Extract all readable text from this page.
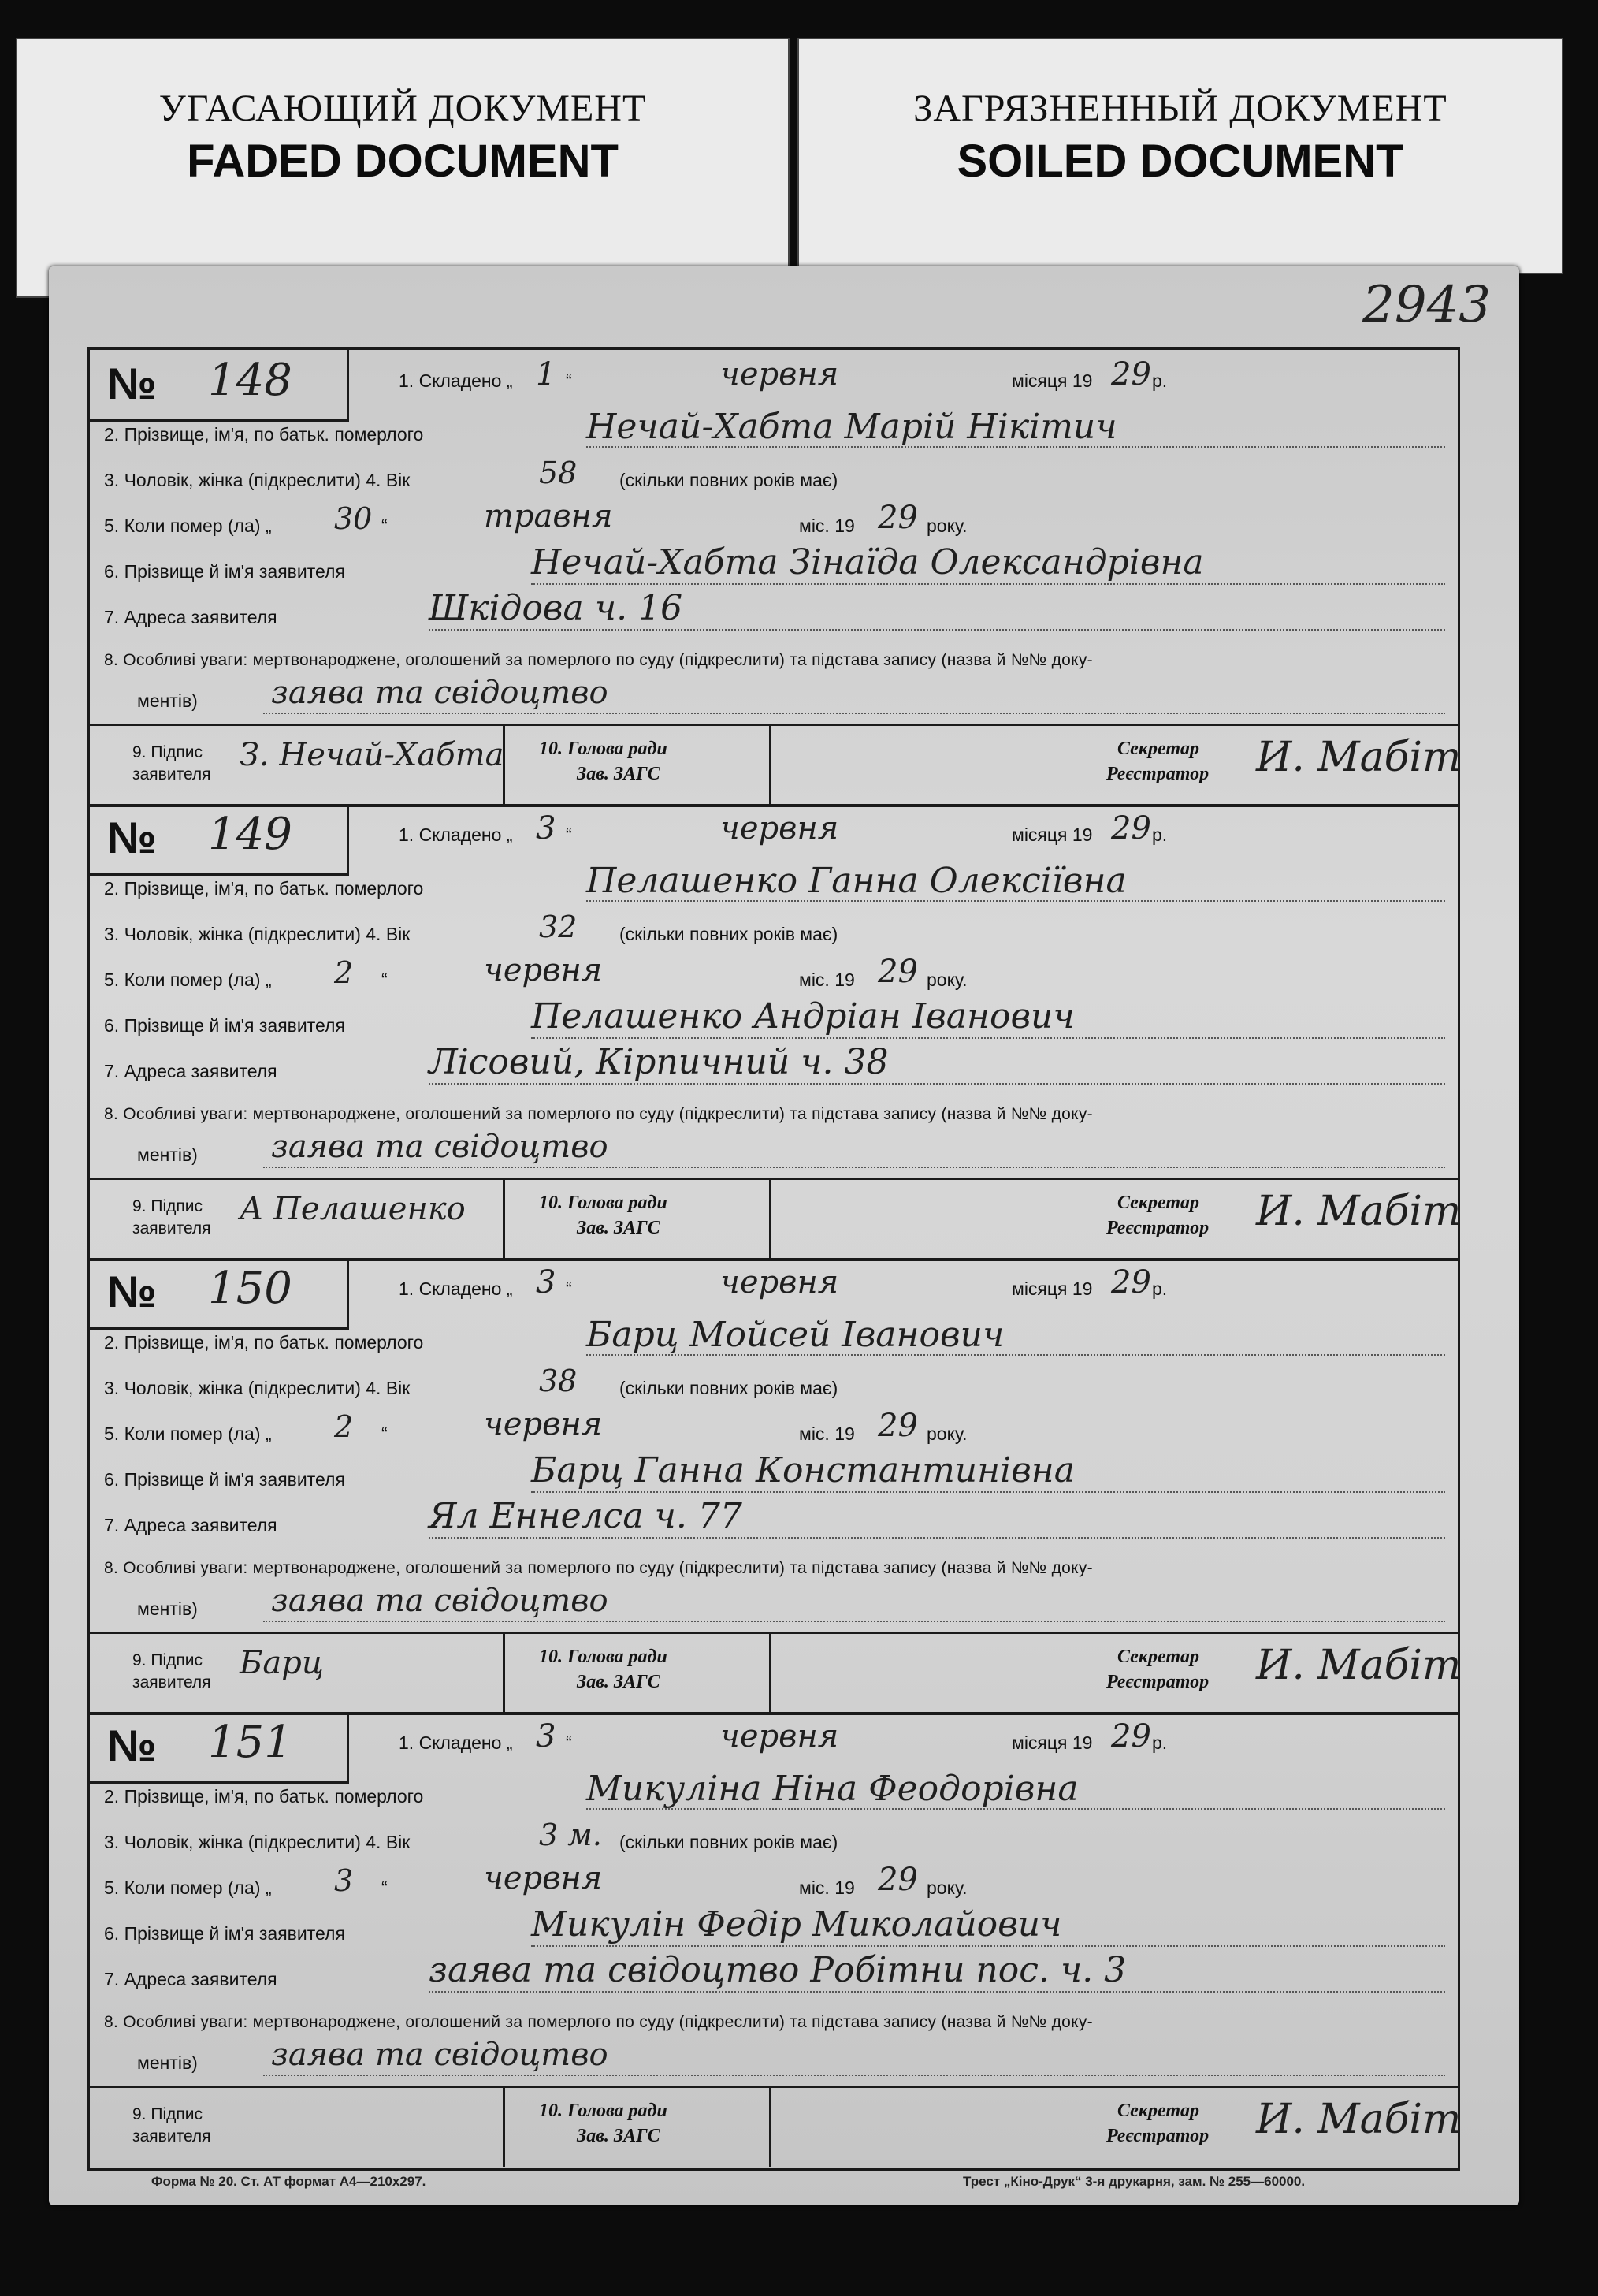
УГАСАЮЩИЙ ДОКУМЕНТ
FADED DOCUMENT
ЗАГРЯЗНЕННЫЙ ДОКУМЕНТ
SOILED DOCUMENT
2943
№ 148	1. Складено „ 1 “	червня	місяця 19 29 р.
2. Прізвище, ім'я, по батьк. померлого	Нечай-Хабта Марій Нікітич
3. Чоловік, жінка (підкреслити) 4. Вік	58 (скільки повних років має)
5. Коли помер (ла) „ 30 “	травня	міс. 19 29 року.
6. Прізвище й ім'я заявителя	Нечай-Хабта Зінаїда Олександрівна
7. Адреса заявителя	Шкідова ч. 16
8. Особливі уваги: мертвонароджене, оголошений за померлого по суду (підкреслити) та підстава запису (назва й №№ доку-
ментів) заява та свідоцтво
9. Підпис
заявителя
З. Нечай-Хабта 10. Голова ради
Зав. ЗАГС
Секретар
Реєстратор И. Мабіт
№ 149	1. Складено „ 3 “	червня	місяця 19 29 р.
2. Прізвище, ім'я, по батьк. померлого	Пелашенко Ганна Олексіївна
3. Чоловік, жінка (підкреслити) 4. Вік	32 (скільки повних років має)
5. Коли помер (ла) „ 2 “	червня	міс. 19 29 року.
6. Прізвище й ім'я заявителя	Пелашенко Андріан Іванович
7. Адреса заявителя	Лісовий, Кірпичний ч. 38
8. Особливі уваги: мертвонароджене, оголошений за померлого по суду (підкреслити) та підстава запису (назва й №№ доку-
ментів) заява та свідоцтво
9. Підпис
заявителя
А Пелашенко	10. Голова ради
Зав. ЗАГС
Секретар
Реєстратор И. Мабіт
№ 150	1. Складено „ 3 “	червня	місяця 19 29 р.
2. Прізвище, ім'я, по батьк. померлого	Барц Мойсей Іванович
3. Чоловік, жінка (підкреслити) 4. Вік	38 (скільки повних років має)
5. Коли помер (ла) „ 2 “	червня	міс. 19 29 року.
6. Прізвище й ім'я заявителя	Барц Ганна Константинівна
7. Адреса заявителя	Ял Еннелса ч. 77
8. Особливі уваги: мертвонароджене, оголошений за померлого по суду (підкреслити) та підстава запису (назва й №№ доку-
ментів) заява та свідоцтво
9. Підпис
заявителя
Барц	10. Голова ради
Зав. ЗАГС
Секретар
Реєстратор И. Мабіт
№ 151	1. Складено „ 3 “	червня	місяця 19 29 р.
2. Прізвище, ім'я, по батьк. померлого	Микуліна Ніна Феодорівна
3. Чоловік, жінка (підкреслити) 4. Вік	3 м. (скільки повних років має)
5. Коли помер (ла) „ 3 “	червня	міс. 19 29 року.
6. Прізвище й ім'я заявителя	Микулін Федір Миколайович
7. Адреса заявителя	заява та свідоцтво Робітни пос. ч. 3
8. Особливі уваги: мертвонароджене, оголошений за померлого по суду (підкреслити) та підстава запису (назва й №№ доку-
ментів) заява та свідоцтво
9. Підпис
заявителя
10. Голова ради
Зав. ЗАГС
Секретар
Реєстратор И. Мабіт
Форма № 20. Ст. АТ формат А4—210х297.	Трест „Кіно-Друк“ 3-я друкарня, зам. № 255—60000.
